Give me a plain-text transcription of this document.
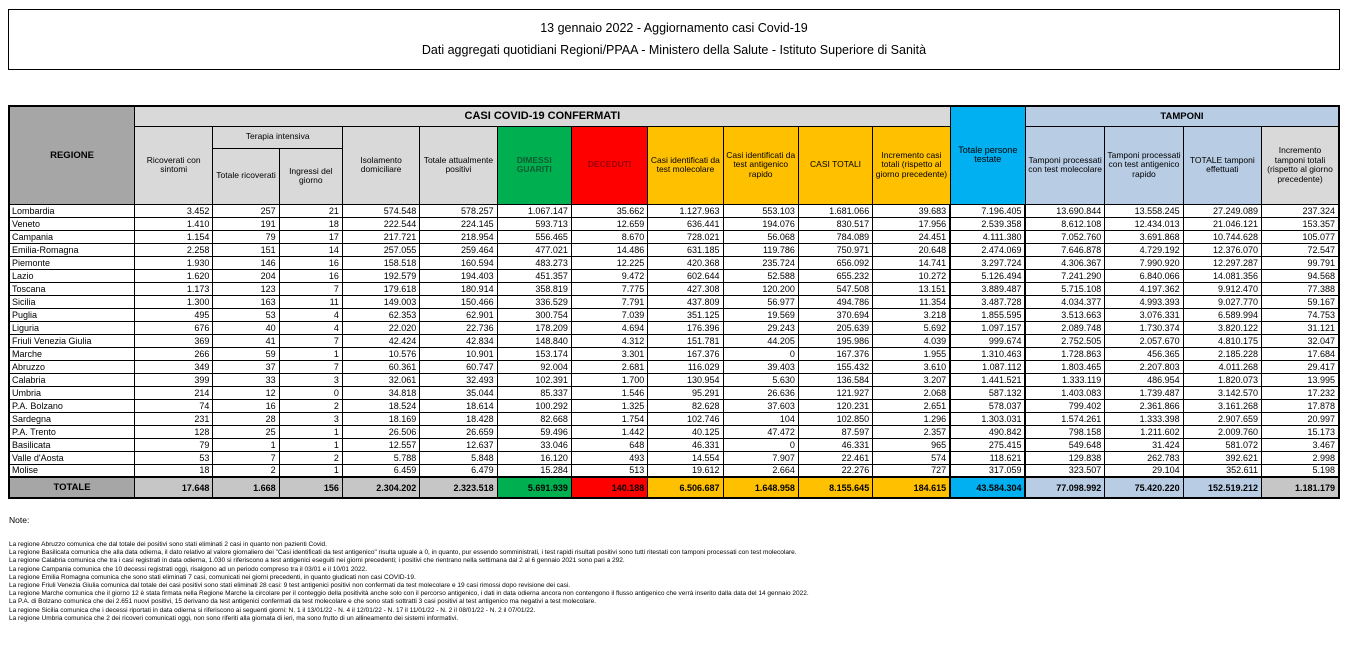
13 gennaio 2022 - Aggiornamento casi Covid-19
Dati aggregati quotidiani Regioni/PPAA - Ministero della Salute - Istituto Superiore di Sanità
REGIONE	CASI COVID-19 CONFERMATI											Totale persone testate	TAMPONI			
	Ricoverati con sintomi	Terapia intensiva		Isolamento domiciliare	Totale attualmente positivi	DIMESSI GUARITI	DECEDUTI	Casi identificati da test molecolare	Casi identificati da test antigenico rapido	CASI TOTALI	Incremento casi totali (rispetto al giorno precedente)		Tamponi processati con test molecolare	Tamponi processati con test antigenico rapido	TOTALE tamponi effettuati	Incremento tamponi totali (rispetto al giorno precedente)
		Totale ricoverati	Ingressi del giorno													
Lombardia	3.452	257	21	574.548	578.257	1.067.147	35.662	1.127.963	553.103	1.681.066	39.683	7.196.405	13.690.844	13.558.245	27.249.089	237.324
Veneto	1.410	191	18	222.544	224.145	593.713	12.659	636.441	194.076	830.517	17.956	2.539.358	8.612.108	12.434.013	21.046.121	153.357
Campania	1.154	79	17	217.721	218.954	556.465	8.670	728.021	56.068	784.089	24.451	4.111.380	7.052.760	3.691.868	10.744.628	105.077
Emilia-Romagna	2.258	151	14	257.055	259.464	477.021	14.486	631.185	119.786	750.971	20.648	2.474.069	7.646.878	4.729.192	12.376.070	72.547
Piemonte	1.930	146	16	158.518	160.594	483.273	12.225	420.368	235.724	656.092	14.741	3.297.724	4.306.367	7.990.920	12.297.287	99.791
Lazio	1.620	204	16	192.579	194.403	451.357	9.472	602.644	52.588	655.232	10.272	5.126.494	7.241.290	6.840.066	14.081.356	94.568
Toscana	1.173	123	7	179.618	180.914	358.819	7.775	427.308	120.200	547.508	13.151	3.889.487	5.715.108	4.197.362	9.912.470	77.388
Sicilia	1.300	163	11	149.003	150.466	336.529	7.791	437.809	56.977	494.786	11.354	3.487.728	4.034.377	4.993.393	9.027.770	59.167
Puglia	495	53	4	62.353	62.901	300.754	7.039	351.125	19.569	370.694	3.218	1.855.595	3.513.663	3.076.331	6.589.994	74.753
Liguria	676	40	4	22.020	22.736	178.209	4.694	176.396	29.243	205.639	5.692	1.097.157	2.089.748	1.730.374	3.820.122	31.121
Friuli Venezia Giulia	369	41	7	42.424	42.834	148.840	4.312	151.781	44.205	195.986	4.039	999.674	2.752.505	2.057.670	4.810.175	32.047
Marche	266	59	1	10.576	10.901	153.174	3.301	167.376	0	167.376	1.955	1.310.463	1.728.863	456.365	2.185.228	17.684
Abruzzo	349	37	7	60.361	60.747	92.004	2.681	116.029	39.403	155.432	3.610	1.087.112	1.803.465	2.207.803	4.011.268	29.417
Calabria	399	33	3	32.061	32.493	102.391	1.700	130.954	5.630	136.584	3.207	1.441.521	1.333.119	486.954	1.820.073	13.995
Umbria	214	12	0	34.818	35.044	85.337	1.546	95.291	26.636	121.927	2.068	587.132	1.403.083	1.739.487	3.142.570	17.232
P.A. Bolzano	74	16	2	18.524	18.614	100.292	1.325	82.628	37.603	120.231	2.651	578.037	799.402	2.361.866	3.161.268	17.878
Sardegna	231	28	3	18.169	18.428	82.668	1.754	102.746	104	102.850	1.296	1.303.031	1.574.261	1.333.398	2.907.659	20.997
P.A. Trento	128	25	1	26.506	26.659	59.496	1.442	40.125	47.472	87.597	2.357	490.842	798.158	1.211.602	2.009.760	15.173
Basilicata	79	1	1	12.557	12.637	33.046	648	46.331	0	46.331	965	275.415	549.648	31.424	581.072	3.467
Valle d'Aosta	53	7	2	5.788	5.848	16.120	493	14.554	7.907	22.461	574	118.621	129.838	262.783	392.621	2.998
Molise	18	2	1	6.459	6.479	15.284	513	19.612	2.664	22.276	727	317.059	323.507	29.104	352.611	5.198
TOTALE	17.648	1.668	156	2.304.202	2.323.518	5.691.939	140.188	6.506.687	1.648.958	8.155.645	184.615	43.584.304	77.098.992	75.420.220	152.519.212	1.181.179
Note:
La regione Abruzzo comunica che dal totale dei positivi sono stati eliminati 2 casi in quanto non pazienti Covid.
La regione Basilicata comunica che alla data odierna, il dato relativo al valore giornaliero dei "Casi identificati da test antigenico" risulta uguale a 0, in quanto, pur essendo somministrati, i test rapidi risultati positivi sono tutti ritestati con tamponi processati con test molecolare.
La regione Calabria comunica che tra i casi registrati in data odierna, 1.030 si riferiscono a test antigenici eseguiti nei giorni precedenti; i positivi che rientrano nella settimana dal 2 al 6 gennaio 2021 sono pari a 292.
La regione Campania comunica che 10 decessi registrati oggi, risalgono ad un periodo compreso tra il 03/01 e il 10/01 2022.
La regione Emilia Romagna comunica che sono stati eliminati 7 casi, comunicati nei giorni precedenti, in quanto giudicati non casi COVID-19.
La regione Friuli Venezia Giulia comunica dal totale dei casi positivi sono stati eliminati 28 casi: 9 test antigenici positivi non confermati da test molecolare e 19 casi rimossi dopo revisione dei casi.
La regione Marche comunica che il giorno 12 è stata firmata nella Regione Marche la circolare per il conteggio della positività anche solo con il percorso antigenico, i dati in data odierna ancora non contengono il flusso antigenico che verrà inserito dalla data del 14 gennaio 2022.
La P.A. di Bolzano comunica che dei 2.651 nuovi positivi, 15 derivano da test antigenici confermati da test molecolare e che sono stati sottratti 3 casi positivi al test antigenico ma negativi a test molecolare.
La regione Sicilia comunica che i decessi riportati in data odierna si riferiscono ai seguenti giorni: N. 1 il 13/01/22 - N. 4 il 12/01/22 - N. 17 il 11/01/22 - N. 2 il 08/01/22 - N. 2 il 07/01/22.
La regione Umbria comunica che 2 dei ricoveri comunicati oggi, non sono riferiti alla giornata di ieri, ma sono frutto di un allineamento dei sistemi informativi.
